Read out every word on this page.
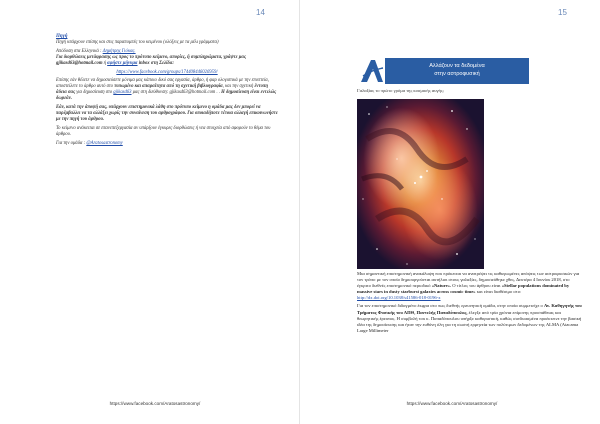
14

Πηγή
Πηγή υπάρχουν επίσης και στις παραπομπές του κειμένου (ολόξεις με τα μέλι γράμματα)

Απόδοση στα Ελληνικά : Δημήτρης Γιόκας.
Για διορθώσεις μετάφρασης ως προς το πρότυπο κείμενο, απορίες, ή συμπληρώματα, γράψτε μας gjikasd63@hotmail.com ή αφήστε μήνυμα inbox στη Σελίδα:

https://www.facebook.com/groups/174408446026959/

Επίσης εάν θέλετε να δημοσιεύσετε μόνιμα μας κάποιο δικό σας εργασία, άρθρο, ή φαρ ολογιστικά με την εποπτεία, αποστείλετε το άρθρο αυτό στο τυπωμένο και απαραίτητα από τη σχετική βιβλιογραφία, και την σχετική έντυπη άδεια σας για δημοσίευση στο gjikasd63 μας στη διεύθυνση: gjikasd63@hotmail.com . . Η δημοσίευση είναι εντελώς δωρεάν.

Εάν, κατά την άποψή σας, υπάρχουν επιστημονικά λάθη στο πρότυπο κείμενο η ομάδα μας δεν μπορεί να παρέμβαλλει να τα αλλάξει χωρίς την συναίνεση του αρθρογράφου. Για οποιαδήποτε τέτοια αλλαγή επικοινωνήστε με την πηγή του άρθρου.

Το κείμενο ανάκειται σε επανεπεξεργασία αν υπάρξουν έγκυρες διορθώσεις ή νεα στοιχεία από αφορούν το θέμα του άρθρου.

Για την ομάδα : @Aratosastronomy

https://www.facebook.com/Aratosastronomy/
15
https://www.facebook.com/Aratosastronomy/
Αλλάζουν τα δεδομένα
στην αστροφυσική
Γαλαξίας το πρώτο γρόμα της κοσμικής αυγής;

Μια σημαντική επιστημονική ανακάλυψη που πρόκειται να ανατρέψει τις καθιερωμένες απόψεις των αστροφυσικών για τον τρόπο με τον οποίο δημιουργούνται αυτήλιοι στους γαλαξίες, δημοσιεύθηκε χθες, Δευτέρα 4 Ιουνίου 2018, στο έγκριτο διεθνές επιστημονικό περιοδικό «Nature». Ο τίτλος του άρθρου είναι «Stellar populations dominated by massive stars in dusty starburst galaxies across cosmic time» και είναι διαθέσιμο στο: http://dx.doi.org/10.1038/s41586-018-0196-x

Για τον επιστημονικό διδαγμένο έκφρα στο πως διεθνής ερευνητική ομάδα, στην οποία συμμετείχε ο Αν. Καθηγητής του Τμήματος Φυσικής του ΑΠΘ, Παντελής Παπαδόπουλος, έλεγξε από τρία χρόνια επίμονης προσπάθειας και θεωρητικής έρευνας. Η συμβολή του κ. Παπαδόπουλου υπήρξε καθοριστική, καθώς συνδυασμένα προέκτεινε την βασική ιδέα της δημοσίευσης και ήταν την ευθύνη όλη για τη σωστή ερμηνεία των πολύτιμων δεδομένων της ALMA (Atacama Large Millimeter
